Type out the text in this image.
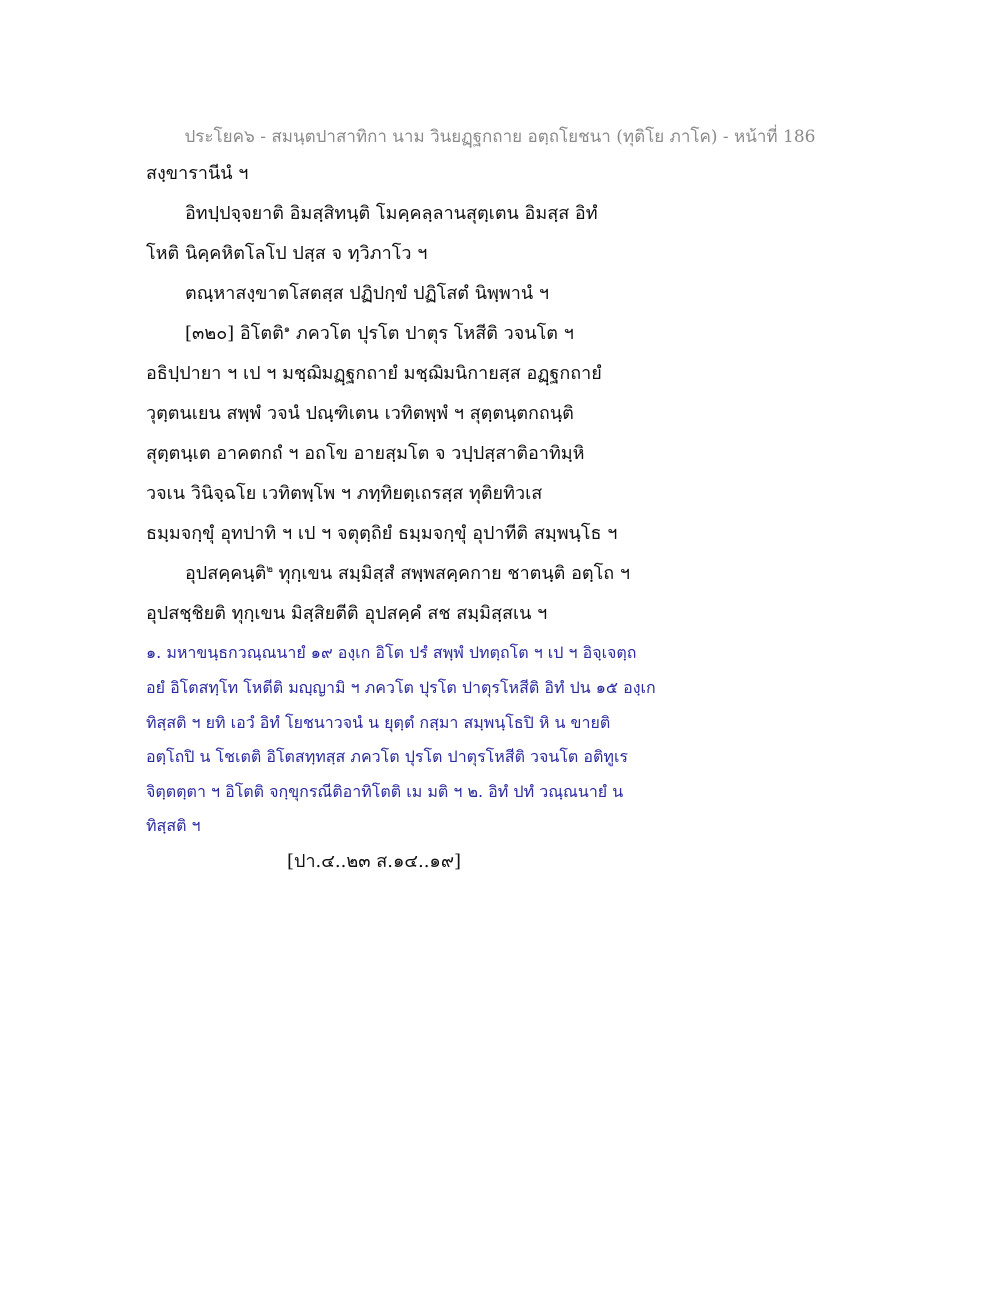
ประโยค๖ - สมนฺตปาสาทิกา นาม วินยฏฺฐกถาย อตฺถโยชนา (ทุติโย ภาโค) - หน้าที่ 186
สงฺขารานีนํ ฯ
อิทปฺปจฺจยาติ อิมสฺสิทนฺติ โมคฺคลฺลานสุตฺเตน อิมสฺส อิทํ
โหติ นิคฺคหิตโลโป ปสฺส จ ทฺวิภาโว ฯ
ตณฺหาสงฺขาตโสตสฺส ปฏิปกฺขํ ปฏิโสตํ นิพฺพานํ ฯ
[๓๒๐] อิโตติ$^๑$ ภควโต ปุรโต ปาตุร โหสีติ วจนโต ฯ
อธิปฺปายา ฯ เป ฯ มชฺฌิมฏฺฐกถายํ มชฺฌิมนิกายสฺส อฏฺฐกถายํ
วุตฺตนเยน สพฺพํ วจนํ ปณฺฑิเตน เวทิตพฺพํ ฯ สุตฺตนฺตกถนฺติ
สุตฺตนฺเต อาคตกถํ ฯ อถโข อายสฺมโต จ วปฺปสฺสาติอาทิมฺหิ
วจเน วินิจฺฉโย เวทิตพฺโพ ฯ ภทฺทิยตฺเถรสฺส ทุติยทิวเส
ธมฺมจกฺขุํ อุทปาทิ ฯ เป ฯ จตุตฺถิยํ ธมฺมจกฺขุํ อุปาทีติ สมฺพนฺโธ ฯ
อุปสคฺคนฺติ$^๒$ ทุกฺเขน สมฺมิสฺสํ สพฺพสคฺคกาย ชาตนฺติ อตฺโถ ฯ
อุปสชฺชิยติ ทุกฺเขน มิสฺสิยตีติ อุปสคฺคํ สช สมฺมิสฺสเน ฯ
๑. มหาขนฺธกวณฺณนายํ ๑๙ องฺเก อิโต ปรํ สพฺพํ ปทตฺถโต ฯ เป ฯ อิจฺเจตฺถ
อยํ อิโตสทฺโท โหตีติ มญฺญามิ ฯ ภควโต ปุรโต ปาตุรโหสีติ อิทํ ปน ๑๕ องฺเก
ทิสฺสติ ฯ ยทิ เอวํ อิทํ โยชนาวจนํ น ยุตฺตํ กสฺมา สมฺพนฺโธปิ หิ น ขายติ
อตฺโถปิ น โชเตติ อิโตสทฺทสฺส ภควโต ปุรโต ปาตุรโหสีติ วจนโต อติทูเร
จิตฺตตฺตา ฯ อิโตติ จกฺขุกรณีติอาทิโตติ เม มติ ฯ ๒. อิทํ ปทํ วณฺณนายํ น
ทิสฺสติ ฯ
[ปา.๔..๒๓ ส.๑๔..๑๙]
